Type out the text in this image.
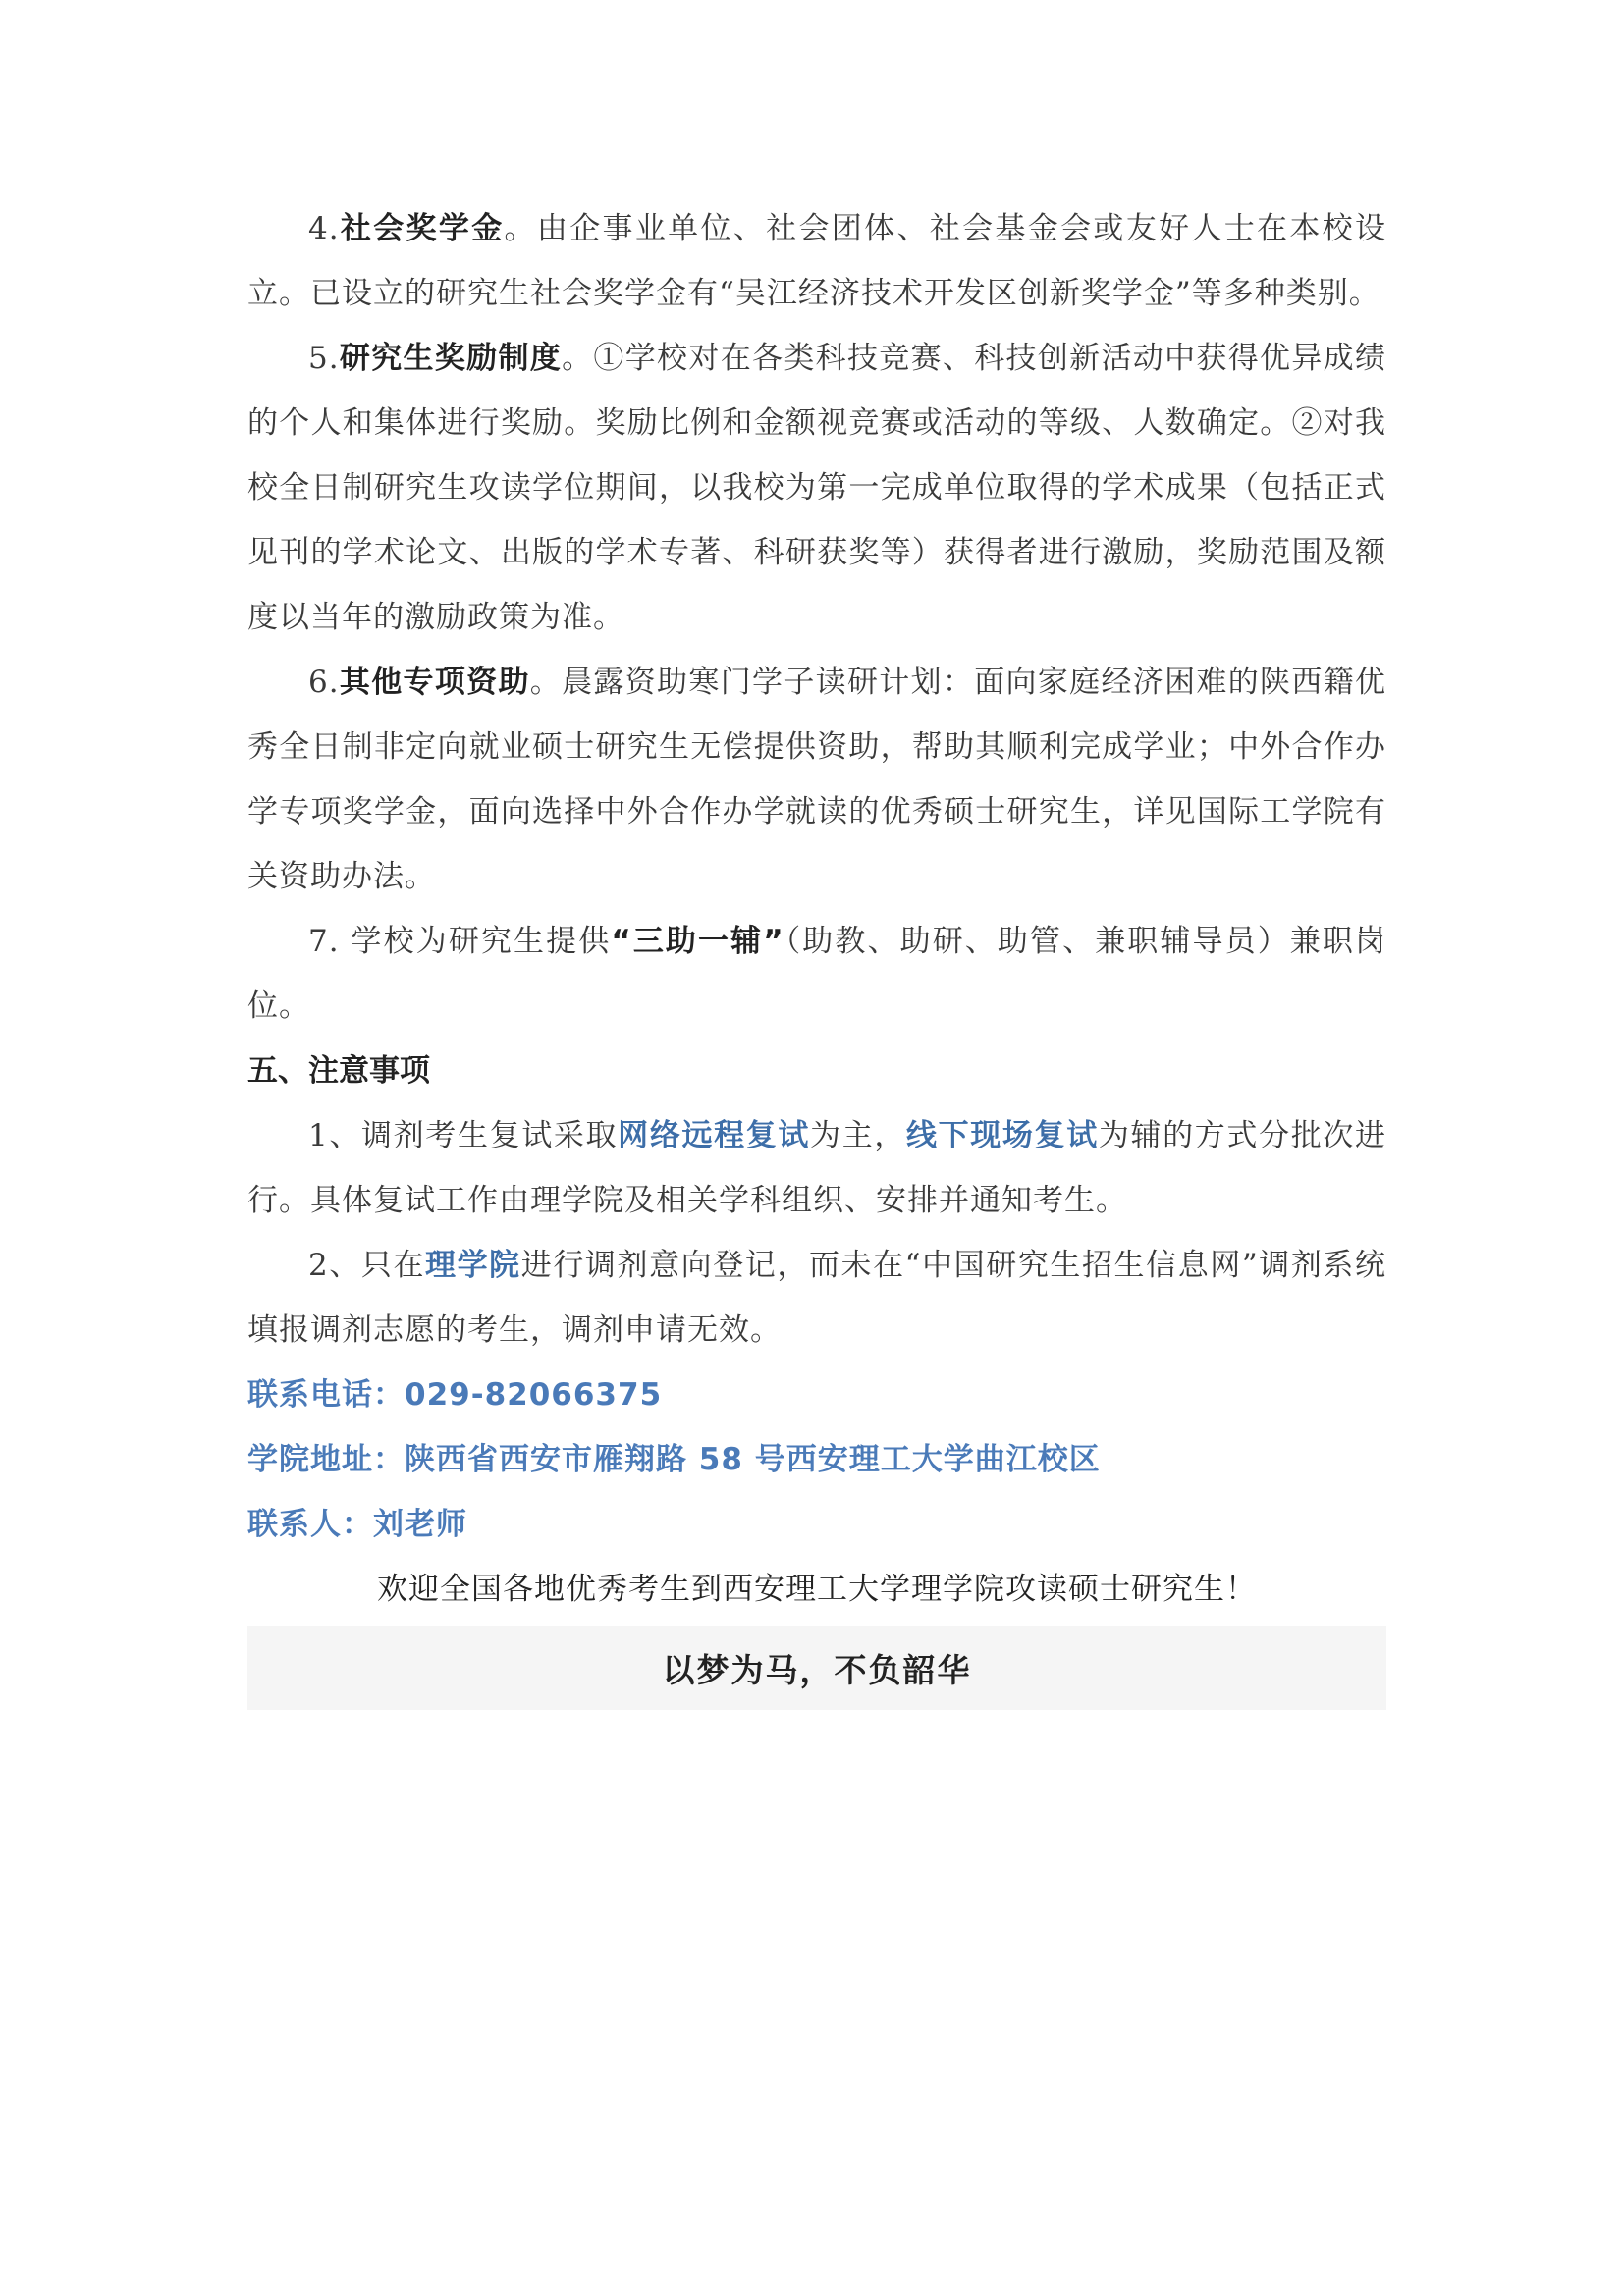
4.社会奖学金。由企事业单位、社会团体、社会基金会或友好人士在本校设立。已设立的研究生社会奖学金有“吴江经济技术开发区创新奖学金”等多种类别。

5.研究生奖励制度。①学校对在各类科技竞赛、科技创新活动中获得优异成绩的个人和集体进行奖励。奖励比例和金额视竞赛或活动的等级、人数确定。②对我校全日制研究生攻读学位期间，以我校为第一完成单位取得的学术成果（包括正式见刊的学术论文、出版的学术专著、科研获奖等）获得者进行激励，奖励范围及额度以当年的激励政策为准。

6.其他专项资助。晨露资助寒门学子读研计划：面向家庭经济困难的陕西籍优秀全日制非定向就业硕士研究生无偿提供资助，帮助其顺利完成学业；中外合作办学专项奖学金，面向选择中外合作办学就读的优秀硕士研究生，详见国际工学院有关资助办法。

7. 学校为研究生提供“三助一辅”（助教、助研、助管、兼职辅导员）兼职岗位。

五、注意事项

1、调剂考生复试采取网络远程复试为主，线下现场复试为辅的方式分批次进行。具体复试工作由理学院及相关学科组织、安排并通知考生。

2、只在理学院进行调剂意向登记，而未在“中国研究生招生信息网”调剂系统填报调剂志愿的考生，调剂申请无效。

联系电话：029-82066375

学院地址：陕西省西安市雁翔路 58 号西安理工大学曲江校区

联系人：刘老师

欢迎全国各地优秀考生到西安理工大学理学院攻读硕士研究生！

以梦为马，不负韶华
